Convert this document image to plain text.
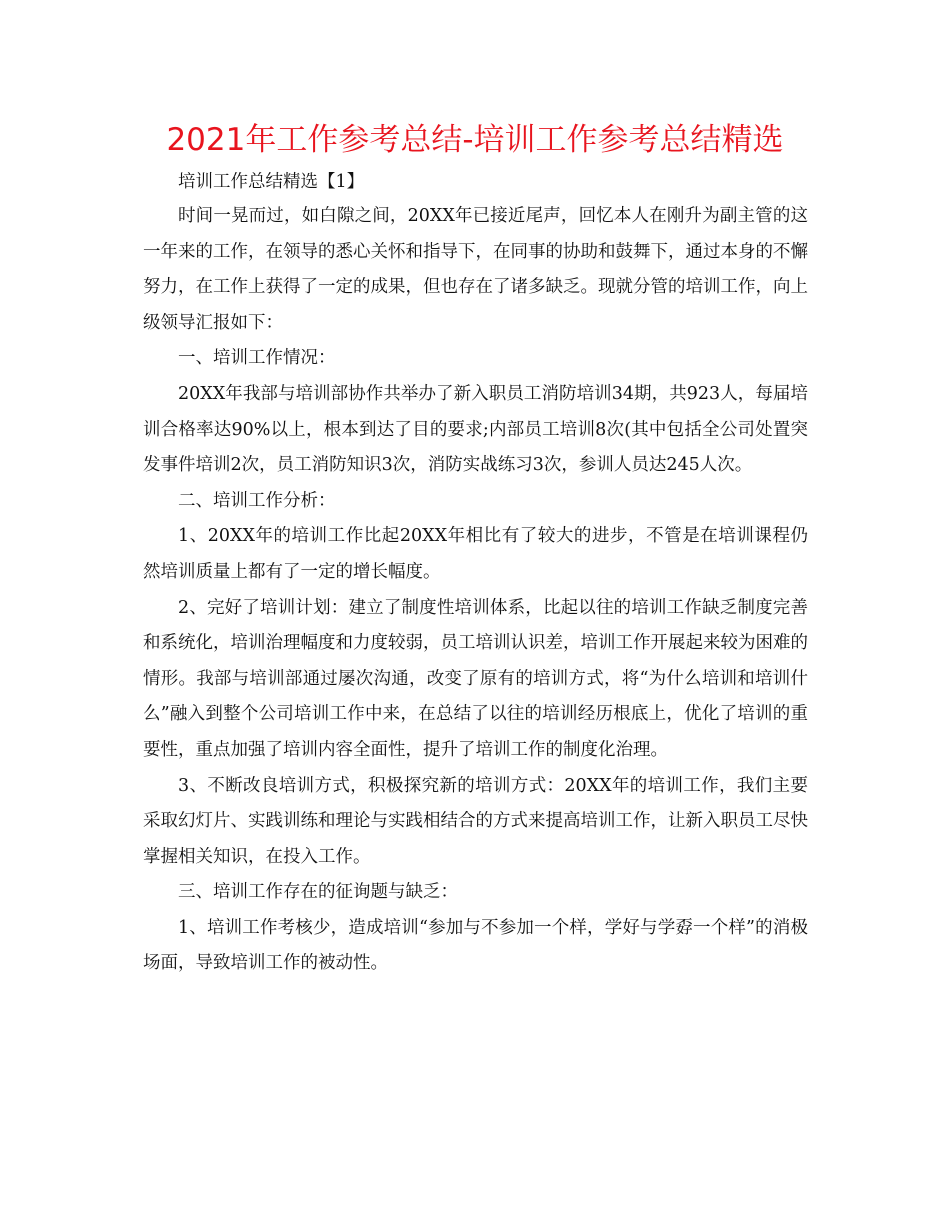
2021年工作参考总结-培训工作参考总结精选

培训工作总结精选【1】

时间一晃而过，如白隙之间，20XX年已接近尾声，回忆本人在刚升为副主管的这一年来的工作，在领导的悉心关怀和指导下，在同事的协助和鼓舞下，通过本身的不懈努力，在工作上获得了一定的成果，但也存在了诸多缺乏。现就分管的培训工作，向上级领导汇报如下：

一、培训工作情况：

20XX年我部与培训部协作共举办了新入职员工消防培训34期，共923人，每届培训合格率达90%以上，根本到达了目的要求;内部员工培训8次(其中包括全公司处置突发事件培训2次，员工消防知识3次，消防实战练习3次，参训人员达245人次。

二、培训工作分析：

1、20XX年的培训工作比起20XX年相比有了较大的进步，不管是在培训课程仍然培训质量上都有了一定的增长幅度。

2、完好了培训计划：建立了制度性培训体系，比起以往的培训工作缺乏制度完善和系统化，培训治理幅度和力度较弱，员工培训认识差，培训工作开展起来较为困难的情形。我部与培训部通过屡次沟通，改变了原有的培训方式，将“为什么培训和培训什么”融入到整个公司培训工作中来，在总结了以往的培训经历根底上，优化了培训的重要性，重点加强了培训内容全面性，提升了培训工作的制度化治理。

3、不断改良培训方式，积极探究新的培训方式：20XX年的培训工作，我们主要采取幻灯片、实践训练和理论与实践相结合的方式来提高培训工作，让新入职员工尽快掌握相关知识，在投入工作。

三、培训工作存在的征询题与缺乏：

1、培训工作考核少，造成培训“参加与不参加一个样，学好与学孬一个样”的消极场面，导致培训工作的被动性。
